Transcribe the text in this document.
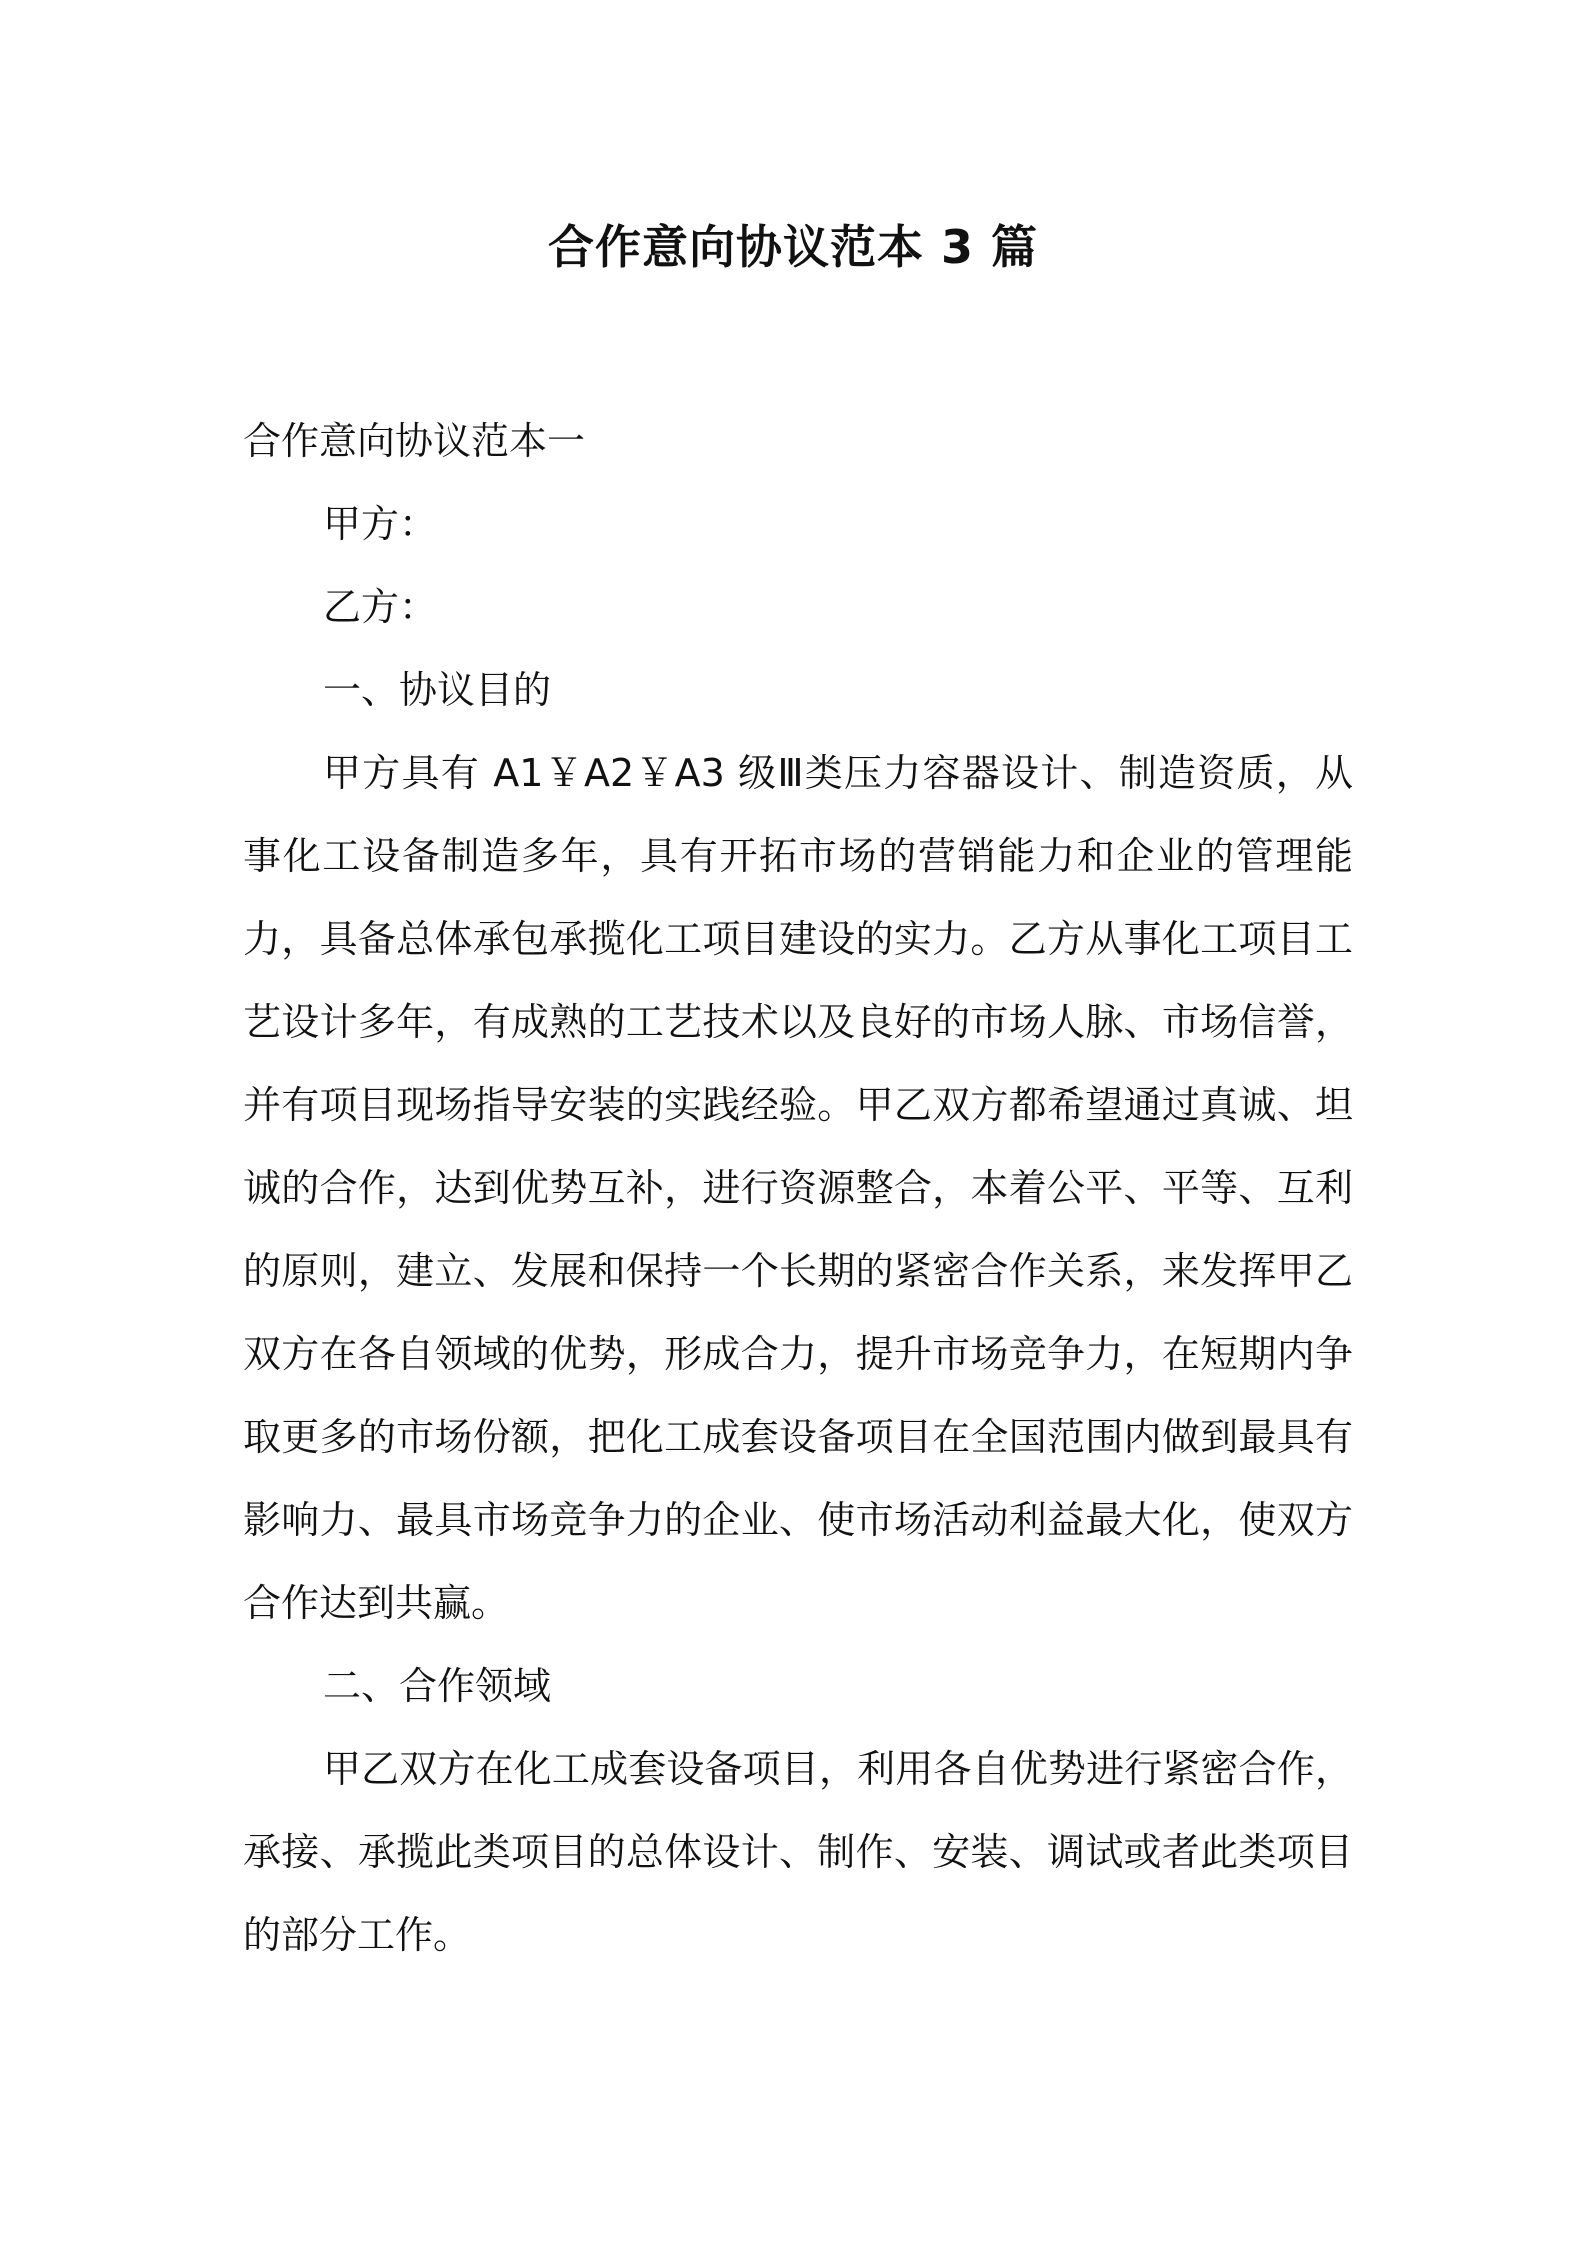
合作意向协议范本 3 篇

合作意向协议范本一

甲方：

乙方：

一、协议目的

甲方具有 A1￥A2￥A3 级Ⅲ类压力容器设计、制造资质，从事化工设备制造多年，具有开拓市场的营销能力和企业的管理能力，具备总体承包承揽化工项目建设的实力。乙方从事化工项目工艺设计多年，有成熟的工艺技术以及良好的市场人脉、市场信誉，并有项目现场指导安装的实践经验。甲乙双方都希望通过真诚、坦诚的合作，达到优势互补，进行资源整合，本着公平、平等、互利的原则，建立、发展和保持一个长期的紧密合作关系，来发挥甲乙双方在各自领域的优势，形成合力，提升市场竞争力，在短期内争取更多的市场份额，把化工成套设备项目在全国范围内做到最具有影响力、最具市场竞争力的企业、使市场活动利益最大化，使双方合作达到共赢。

二、合作领域

甲乙双方在化工成套设备项目，利用各自优势进行紧密合作，承接、承揽此类项目的总体设计、制作、安装、调试或者此类项目的部分工作。
